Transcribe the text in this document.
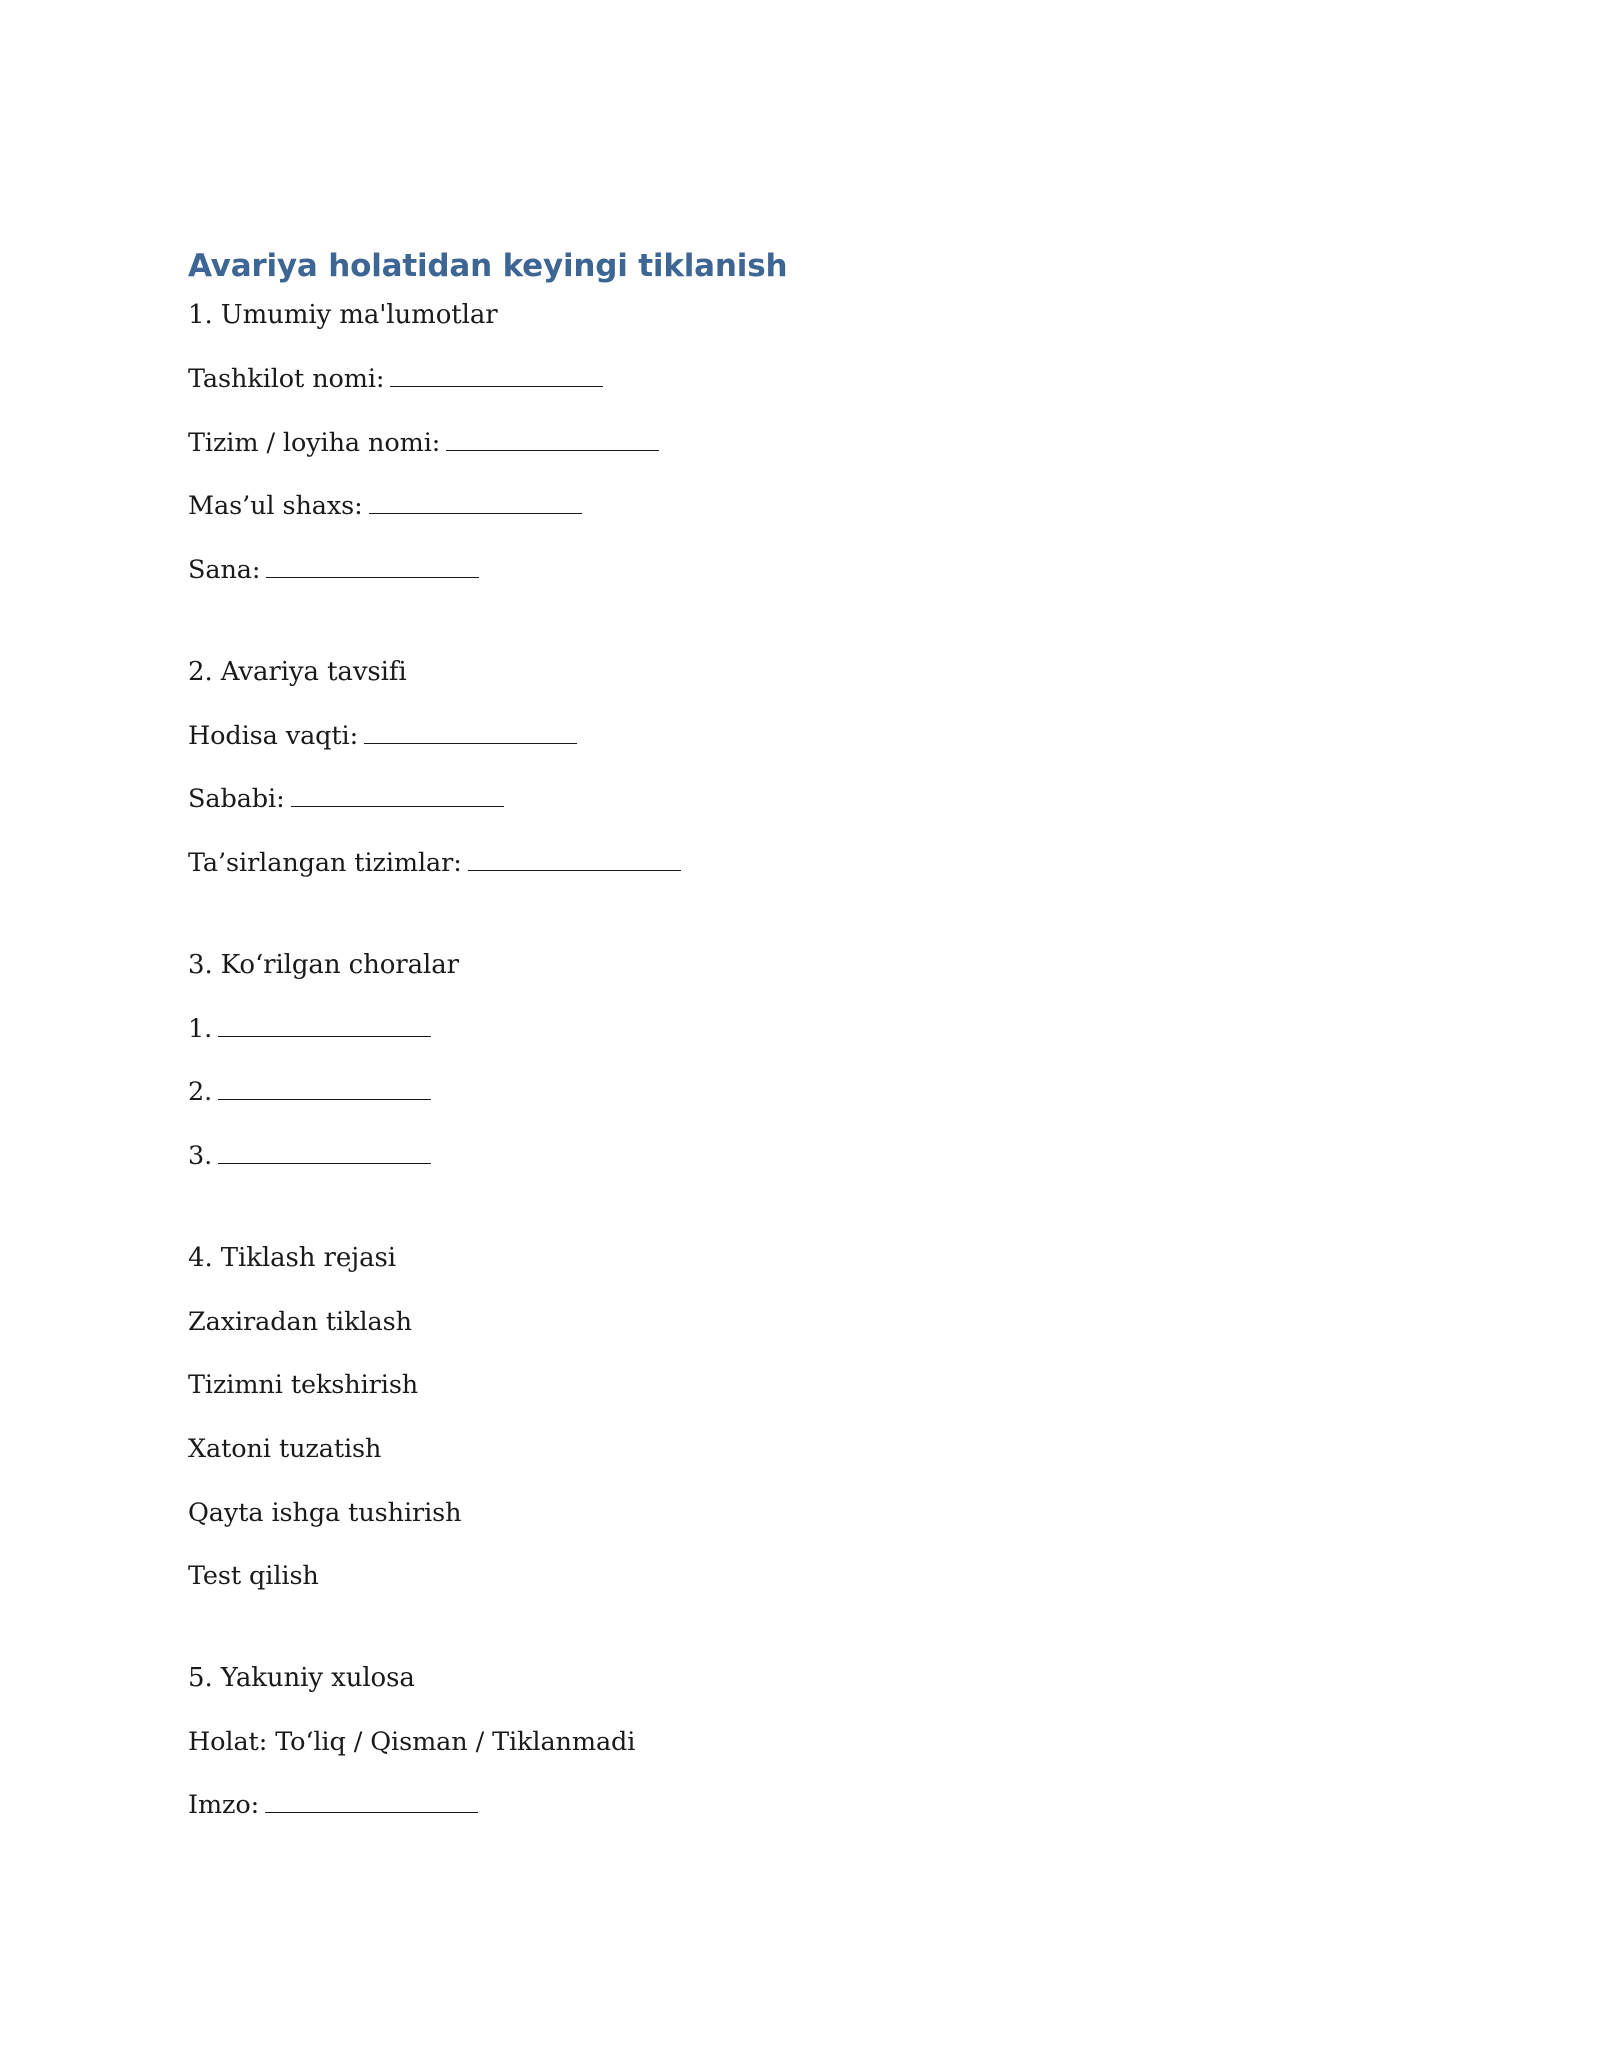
Avariya holatidan keyingi tiklanish
1. Umumiy ma'lumotlar
Tashkilot nomi:
Tizim / loyiha nomi:
Mas’ul shaxs:
Sana:
2. Avariya tavsifi
Hodisa vaqti:
Sababi:
Ta’sirlangan tizimlar:
3. Ko‘rilgan choralar
1.
2.
3.
4. Tiklash rejasi
Zaxiradan tiklash
Tizimni tekshirish
Xatoni tuzatish
Qayta ishga tushirish
Test qilish
5. Yakuniy xulosa
Holat: To‘liq / Qisman / Tiklanmadi
Imzo:
